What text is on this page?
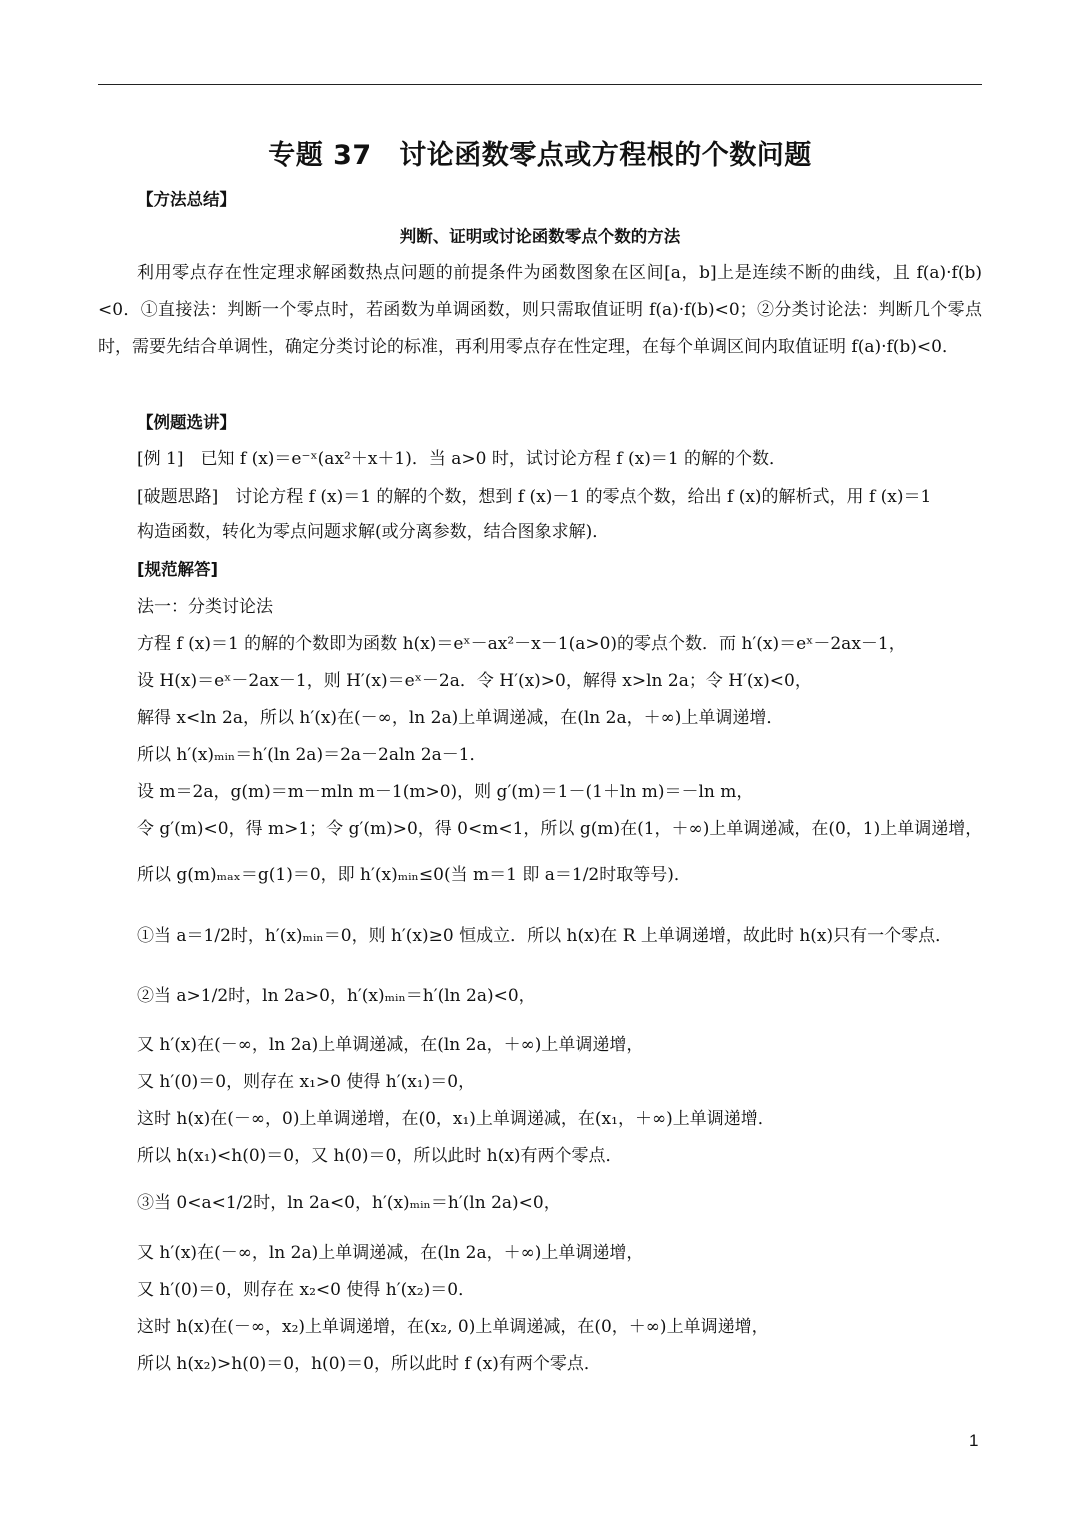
专题 37　讨论函数零点或方程根的个数问题
【方法总结】
判断、证明或讨论函数零点个数的方法
利用零点存在性定理求解函数热点问题的前提条件为函数图象在区间[a，b]上是连续不断的曲线，且 f(a)·f(b)<0．①直接法：判断一个零点时，若函数为单调函数，则只需取值证明 f(a)·f(b)<0；②分类讨论法：判断几个零点时，需要先结合单调性，确定分类讨论的标准，再利用零点存在性定理，在每个单调区间内取值证明 f(a)·f(b)<0．
【例题选讲】
[例 1]　已知 f (x)＝e⁻ˣ(ax²＋x＋1)．当 a>0 时，试讨论方程 f (x)＝1 的解的个数．
[破题思路]　讨论方程 f (x)＝1 的解的个数，想到 f (x)－1 的零点个数，给出 f (x)的解析式，用 f (x)＝1
构造函数，转化为零点问题求解(或分离参数，结合图象求解)．
[规范解答]
法一：分类讨论法
方程 f (x)＝1 的解的个数即为函数 h(x)＝eˣ－ax²－x－1(a>0)的零点个数．而 h′(x)＝eˣ－2ax－1，
设 H(x)＝eˣ－2ax－1，则 H′(x)＝eˣ－2a．令 H′(x)>0，解得 x>ln 2a；令 H′(x)<0，
解得 x<ln 2a，所以 h′(x)在(－∞，ln 2a)上单调递减，在(ln 2a，＋∞)上单调递增．
所以 h′(x)ₘᵢₙ＝h′(ln 2a)＝2a－2aln 2a－1．
设 m＝2a，g(m)＝m－mln m－1(m>0)，则 g′(m)＝1－(1＋ln m)＝－ln m，
令 g′(m)<0，得 m>1；令 g′(m)>0，得 0<m<1，所以 g(m)在(1，＋∞)上单调递减，在(0，1)上单调递增，
所以 g(m)ₘₐₓ＝g(1)＝0，即 h′(x)ₘᵢₙ≤0(当 m＝1 即 a＝1/2时取等号)．
①当 a＝1/2时，h′(x)ₘᵢₙ＝0，则 h′(x)≥0 恒成立．所以 h(x)在 R 上单调递增，故此时 h(x)只有一个零点．
②当 a>1/2时，ln 2a>0，h′(x)ₘᵢₙ＝h′(ln 2a)<0，
又 h′(x)在(－∞，ln 2a)上单调递减，在(ln 2a，＋∞)上单调递增，
又 h′(0)＝0，则存在 x₁>0 使得 h′(x₁)＝0，
这时 h(x)在(－∞，0)上单调递增，在(0，x₁)上单调递减，在(x₁，＋∞)上单调递增．
所以 h(x₁)<h(0)＝0，又 h(0)＝0，所以此时 h(x)有两个零点．
③当 0<a<1/2时，ln 2a<0，h′(x)ₘᵢₙ＝h′(ln 2a)<0，
又 h′(x)在(－∞，ln 2a)上单调递减，在(ln 2a，＋∞)上单调递增，
又 h′(0)＝0，则存在 x₂<0 使得 h′(x₂)＝0．
这时 h(x)在(－∞，x₂)上单调递增，在(x₂, 0)上单调递减，在(0，＋∞)上单调递增，
所以 h(x₂)>h(0)＝0，h(0)＝0，所以此时 f (x)有两个零点．
1
